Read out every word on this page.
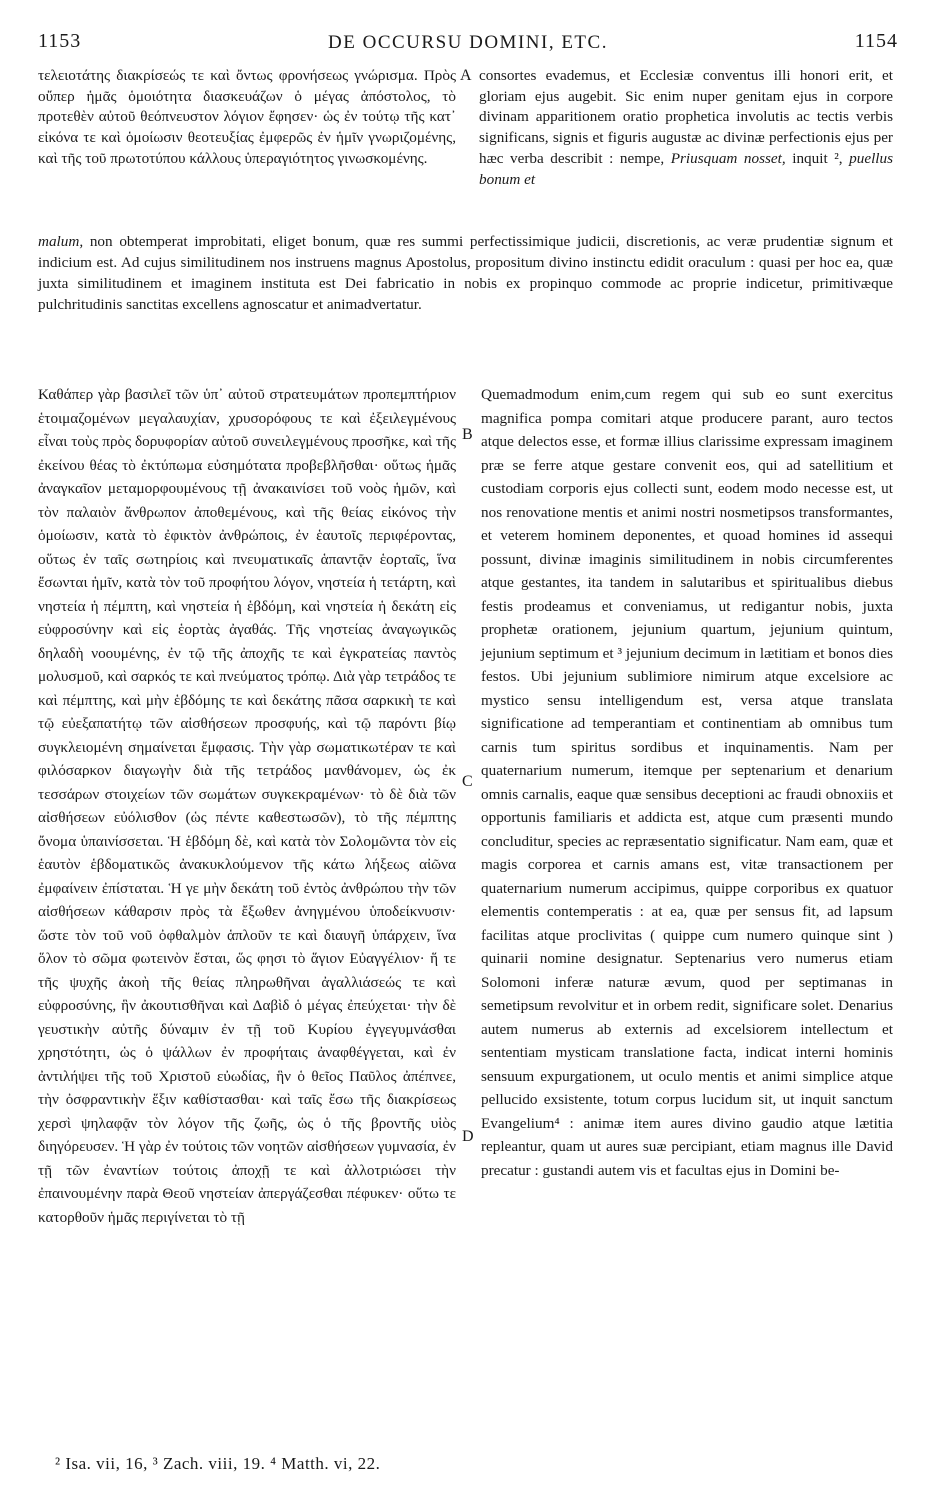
1153	DE OCCURSU DOMINI, ETC.	1154

τελειοτάτης διακρίσεώς τε καὶ ὄντως φρονήσεως γνώρισμα. Πρὸς οὔπερ ἡμᾶς ὁμοιότητα διασκευάζων ὁ μέγας ἀπόστολος, τὸ προτεθὲν αὐτοῦ θεόπνευστον λόγιον ἔφησεν· ὡς ἐν τούτῳ τῆς κατ᾽ εἰκόνα τε καὶ ὁμοίωσιν θεοτευξίας ἐμφερῶς ἐν ἡμῖν γνωριζομένης, καὶ τῆς τοῦ πρωτοτύπου κάλλους ὑπεραγιότητος γινωσκομένης.

A consortes evademus, et Ecclesiæ conventus illi honori erit, et gloriam ejus augebit. Sic enim nuper genitam ejus in corpore divinam apparitionem oratio prophetica involutis ac tectis verbis significans, signis et figuris augustæ ac divinæ perfectionis ejus per hæc verba describit : nempe, Priusquam nosset, inquit ², puellus bonum et

malum, non obtemperat improbitati, eliget bonum, quæ res summi perfectissimique judicii, discretionis, ac veræ prudentiæ signum et indicium est. Ad cujus similitudinem nos instruens magnus Apostolus, propositum divino instinctu edidit oraculum : quasi per hoc ea, quæ juxta similitudinem et imaginem instituta est Dei fabricatio in nobis ex propinquo commode ac proprie indicetur, primitivæque pulchritudinis sanctitas excellens agnoscatur et animadvertatur.

Καθάπερ γὰρ βασιλεῖ τῶν ὑπ᾽ αὐτοῦ στρατευμάτων προπεμπτήριον ἑτοιμαζομένων μεγαλαυχίαν, χρυσορόφους τε καὶ ἐξειλεγμένους εἶναι τοὺς πρὸς δορυφορίαν αὐτοῦ συνειλεγμένους προσῆκε, καὶ τῆς ἐκείνου θέας τὸ ἐκτύπωμα εὐσημότατα προβεβλῆσθαι· οὕτως ἡμᾶς ἀναγκαῖον μεταμορφουμένους τῇ ἀνακαινίσει τοῦ νοὸς ἡμῶν, καὶ τὸν παλαιὸν ἄνθρωπον ἀποθεμένους, καὶ τῆς θείας εἰκόνος τὴν ὁμοίωσιν, κατὰ τὸ ἐφικτὸν ἀνθρώποις, ἐν ἑαυτοῖς περιφέροντας, οὕτως ἐν ταῖς σωτηρίοις καὶ πνευματικαῖς ἁπαντᾷν ἑορταῖς, ἵνα ἔσωνται ἡμῖν, κατὰ τὸν τοῦ προφήτου λόγον, νηστεία ἡ τετάρτη, καὶ νηστεία ἡ πέμπτη, καὶ νηστεία ἡ ἑβδόμη, καὶ νηστεία ἡ δεκάτη εἰς εὐφροσύνην καὶ εἰς ἑορτὰς ἀγαθάς. Τῆς νηστείας ἀναγωγικῶς δηλαδὴ νοουμένης, ἐν τῷ τῆς ἀποχῆς τε καὶ ἐγκρατείας παντὸς μολυσμοῦ, καὶ σαρκός τε καὶ πνεύματος τρόπῳ. Διὰ γὰρ τετράδος τε καὶ πέμπτης, καὶ μὴν ἑβδόμης τε καὶ δεκάτης πᾶσα σαρκικὴ τε καὶ τῷ εὐεξαπατήτῳ τῶν αἰσθήσεων προσφυής, καὶ τῷ παρόντι βίῳ συγκλειομένη σημαίνεται ἔμφασις. Τὴν γὰρ σωματικωτέραν τε καὶ φιλόσαρκον διαγωγὴν διὰ τῆς τετράδος μανθάνομεν, ὡς ἐκ τεσσάρων στοιχείων τῶν σωμάτων συγκεκραμένων· τὸ δὲ διὰ τῶν αἰσθήσεων εὐόλισθον (ὡς πέντε καθεστωσῶν), τὸ τῆς πέμπτης ὄνομα ὑπαινίσσεται. Ἡ ἑβδόμη δὲ, καὶ κατὰ τὸν Σολομῶντα τὸν εἰς ἑαυτὸν ἑβδοματικῶς ἀνακυκλούμενον τῆς κάτω λήξεως αἰῶνα ἐμφαίνειν ἐπίσταται. Ἡ γε μὴν δεκάτη τοῦ ἐντὸς ἀνθρώπου τὴν τῶν αἰσθήσεων κάθαρσιν πρὸς τὰ ἔξωθεν ἀνηγμένου ὑποδείκνυσιν· ὥστε τὸν τοῦ νοῦ ὀφθαλμὸν ἁπλοῦν τε καὶ διαυγῆ ὑπάρχειν, ἵνα ὅλον τὸ σῶμα φωτεινὸν ἔσται, ὥς φησι τὸ ἅγιον Εὐαγγέλιον· ἥ τε τῆς ψυχῆς ἀκοὴ τῆς θείας πληρωθῆναι ἀγαλλιάσεώς τε καὶ εὐφροσύνης, ἣν ἀκουτισθῆναι καὶ Δαβὶδ ὁ μέγας ἐπεύχεται· τὴν δὲ γευστικὴν αὐτῆς δύναμιν ἐν τῇ τοῦ Κυρίου ἐγγεγυμνάσθαι χρηστότητι, ὡς ὁ ψάλλων ἐν προφήταις ἀναφθέγγεται, καὶ ἐν ἀντιλήψει τῆς τοῦ Χριστοῦ εὐωδίας, ἣν ὁ θεῖος Παῦλος ἀπέπνεε, τὴν ὀσφραντικὴν ἕξιν καθίστασθαι· καὶ ταῖς ἔσω τῆς διακρίσεως χερσὶ ψηλαφᾷν τὸν λόγον τῆς ζωῆς, ὡς ὁ τῆς βροντῆς υἱὸς διηγόρευσεν. Ἡ γὰρ ἐν τούτοις τῶν νοητῶν αἰσθήσεων γυμνασία, ἐν τῇ τῶν ἐναντίων τούτοις ἀποχῇ τε καὶ ἀλλοτριώσει τὴν ἐπαινουμένην παρὰ Θεοῦ νηστείαν ἀπεργάζεσθαι πέφυκεν· οὕτω τε κατορθοῦν ἡμᾶς περιγίνεται τὸ τῇ

B
C
D

Quemadmodum enim,cum regem qui sub eo sunt exercitus magnifica pompa comitari atque producere parant, auro tectos atque delectos esse, et formæ illius clarissime expressam imaginem præ se ferre atque gestare convenit eos, qui ad satellitium et custodiam corporis ejus collecti sunt, eodem modo necesse est, ut nos renovatione mentis et animi nostri nosmetipsos transformantes, et veterem hominem deponentes, et quoad homines id assequi possunt, divinæ imaginis similitudinem in nobis circumferentes atque gestantes, ita tandem in salutaribus et spiritualibus diebus festis prodeamus et conveniamus, ut redigantur nobis, juxta prophetæ orationem, jejunium quartum, jejunium quintum, jejunium septimum et ³ jejunium decimum in lætitiam et bonos dies festos. Ubi jejunium sublimiore nimirum atque excelsiore ac mystico sensu intelligendum est, versa atque translata significatione ad temperantiam et continentiam ab omnibus tum carnis tum spiritus sordibus et inquinamentis. Nam per quaternarium numerum, itemque per septenarium et denarium omnis carnalis, eaque quæ sensibus deceptioni ac fraudi obnoxiis et opportunis familiaris et addicta est, atque cum præsenti mundo concluditur, species ac repræsentatio significatur. Nam eam, quæ et magis corporea et carnis amans est, vitæ transactionem per quaternarium numerum accipimus, quippe corporibus ex quatuor elementis contemperatis : at ea, quæ per sensus fit, ad lapsum facilitas atque proclivitas ( quippe cum numero quinque sint ) quinarii nomine designatur. Septenarius vero numerus etiam Solomoni inferæ naturæ ævum, quod per septimanas in semetipsum revolvitur et in orbem redit, significare solet. Denarius autem numerus ab externis ad excelsiorem intellectum et sententiam mysticam translatione facta, indicat interni hominis sensuum expurgationem, ut oculo mentis et animi simplice atque pellucido exsistente, totum corpus lucidum sit, ut inquit sanctum Evangelium⁴ : animæ item aures divino gaudio atque lætitia repleantur, quam ut aures suæ percipiant, etiam magnus ille David precatur : gustandi autem vis et facultas ejus in Domini be-

² Isa. vii, 16, ³ Zach. viii, 19. ⁴ Matth. vi, 22.
